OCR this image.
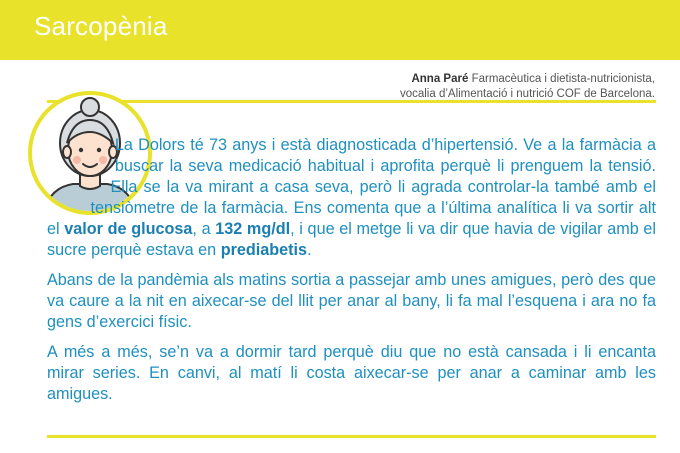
Sarcopènia
Anna Paré Farmacèutica i dietista-nutricionista,
vocalia d’Alimentació i nutrició COF de Barcelona.

La Dolors té 73 anys i està diagnosticada d’hipertensió. Ve a la farmàcia a buscar la seva medicació habitual i aprofita perquè li prenguem la tensió. Ella se la va mirant a casa seva, però li agrada controlar-la també amb el tensiòmetre de la farmàcia. Ens comenta que a l’última analítica li va sortir alt el valor de glucosa, a 132 mg/dl, i que el metge li va dir que havia de vigilar amb el sucre perquè estava en prediabetis.

Abans de la pandèmia als matins sortia a passejar amb unes amigues, però des que va caure a la nit en aixecar-se del llit per anar al bany, li fa mal l’esquena i ara no fa gens d’exercici físic.

A més a més, se’n va a dormir tard perquè diu que no està cansada i li encanta mirar series. En canvi, al matí li costa aixecar-se per anar a caminar amb les amigues.
